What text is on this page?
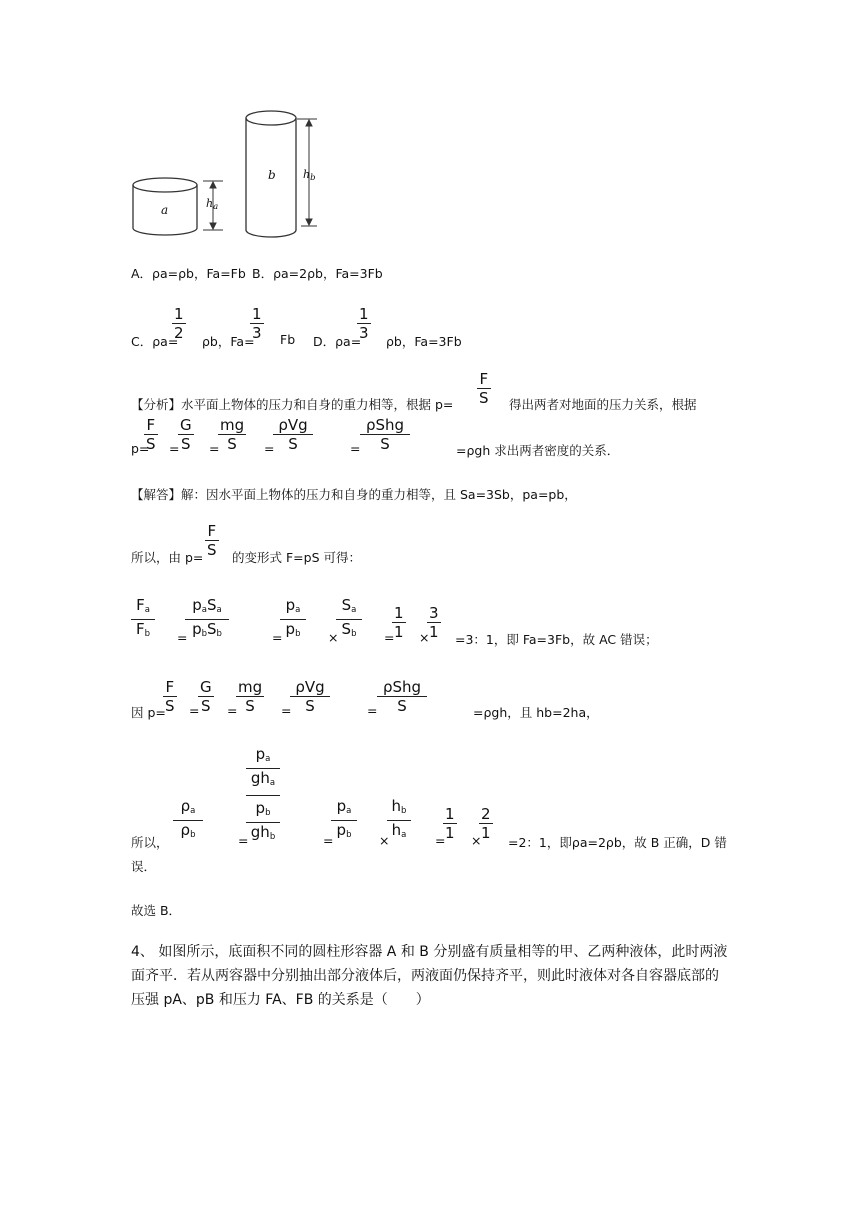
a
b
$h_a$
$h_b$
A．ρa=ρb，Fa=Fb B．ρa=2ρb，Fa=3Fb
C．ρa=
1
2 ρb，Fa=
1
3 Fb D．ρa=
1
3 ρb，Fa=3Fb
【分析】水平面上物体的压力和自身的重力相等，根据 p=
F
S 得出两者对地面的压力关系，根据
p=
F
S =
G
S =
mg
S =
ρVg
S	=
ρShg
S	=ρgh 求出两者密度的关系．
【解答】解：因水平面上物体的压力和自身的重力相等，且 Sa=3Sb，pa=pb，
所以，由 p=
F
S 的变形式 F=pS 可得：
$F_a$
$F_b$ =
$p_aS_a$
$p_bS_b$	=
$p_a$
$p_b$ ×
$S_a$
$S_b$ =
1
1 ×
3
1 =3：1，即 Fa=3Fb，故 AC 错误；
因 p=
F
S =
G
S =
mg
S =
ρVg
S	=
ρShg
S	=ρgh，且 hb=2ha，
所以，
$\rho_a$
$\rho_b$	=
$p_a$
$gh_a$
$p_b$
$gh_b$	=
$p_a$
$p_b$ ×
$h_b$
$h_a$ =
1
1 ×
2
1
=2：1，即ρa=2ρb，故 B 正确，D 错
误．
故选 B．
4、 如图所示，底面积不同的圆柱形容器 A 和 B 分别盛有质量相等的甲、乙两种液体，此时两液面齐平．若从两容器中分别抽出部分液体后，两液面仍保持齐平，则此时液体对各自容器底部的压强 pA、pB 和压力 FA、FB 的关系是（　　）
